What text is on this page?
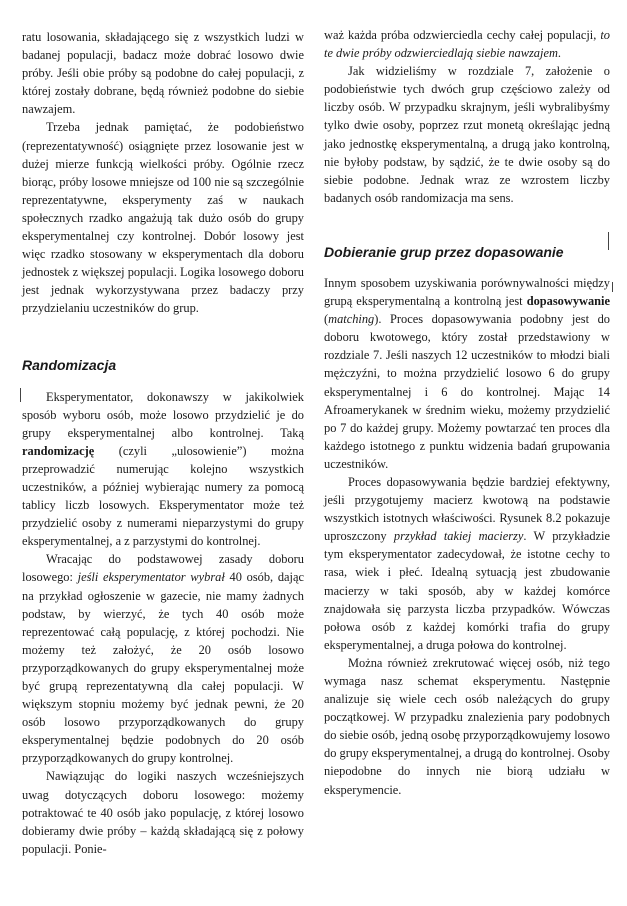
ratu losowania, składającego się z wszystkich ludzi w badanej populacji, badacz może dobrać losowo dwie próby. Jeśli obie próby są podobne do całej populacji, z której zostały dobrane, będą również podobne do siebie nawzajem.

Trzeba jednak pamiętać, że podobieństwo (reprezentatywność) osiągnięte przez losowanie jest w dużej mierze funkcją wielkości próby. Ogólnie rzecz biorąc, próby losowe mniejsze od 100 nie są szczególnie reprezentatywne, eksperymenty zaś w naukach społecznych rzadko angażują tak dużo osób do grupy eksperymentalnej czy kontrolnej. Dobór losowy jest więc rzadko stosowany w eksperymentach dla doboru jednostek z większej populacji. Logika losowego doboru jest jednak wykorzystywana przez badaczy przy przydzielaniu uczestników do grup.

Randomizacja

Eksperymentator, dokonawszy w jakikolwiek sposób wyboru osób, może losowo przydzielić je do grupy eksperymentalnej albo kontrolnej. Taką randomizację (czyli „ulosowienie”) można przeprowadzić numerując kolejno wszystkich uczestników, a później wybierając numery za pomocą tablicy liczb losowych. Eksperymentator może też przydzielić osoby z numerami nieparzystymi do grupy eksperymentalnej, a z parzystymi do kontrolnej.

Wracając do podstawowej zasady doboru losowego: jeśli eksperymentator wybrał 40 osób, dając na przykład ogłoszenie w gazecie, nie mamy żadnych podstaw, by wierzyć, że tych 40 osób może reprezentować całą populację, z której pochodzi. Nie możemy też założyć, że 20 osób losowo przyporządkowanych do grupy eksperymentalnej może być grupą reprezentatywną dla całej populacji. W większym stopniu możemy być jednak pewni, że 20 osób losowo przyporządkowanych do grupy eksperymentalnej będzie podobnych do 20 osób przyporządkowanych do grupy kontrolnej.

Nawiązując do logiki naszych wcześniejszych uwag dotyczących doboru losowego: możemy potraktować te 40 osób jako populację, z której losowo dobieramy dwie próby – każdą składającą się z połowy populacji. Ponie-

waż każda próba odzwierciedla cechy całej populacji, to te dwie próby odzwierciedlają siebie nawzajem.

Jak widzieliśmy w rozdziale 7, założenie o podobieństwie tych dwóch grup częściowo zależy od liczby osób. W przypadku skrajnym, jeśli wybralibyśmy tylko dwie osoby, poprzez rzut monetą określając jedną jako jednostkę eksperymentalną, a drugą jako kontrolną, nie byłoby podstaw, by sądzić, że te dwie osoby są do siebie podobne. Jednak wraz ze wzrostem liczby badanych osób randomizacja ma sens.

Dobieranie grup przez dopasowanie

Innym sposobem uzyskiwania porównywalności między grupą eksperymentalną a kontrolną jest dopasowywanie (matching). Proces dopasowywania podobny jest do doboru kwotowego, który został przedstawiony w rozdziale 7. Jeśli naszych 12 uczestników to młodzi biali mężczyźni, to można przydzielić losowo 6 do grupy eksperymentalnej i 6 do kontrolnej. Mając 14 Afroamerykanek w średnim wieku, możemy przydzielić po 7 do każdej grupy. Możemy powtarzać ten proces dla każdego istotnego z punktu widzenia badań grupowania uczestników.

Proces dopasowywania będzie bardziej efektywny, jeśli przygotujemy macierz kwotową na podstawie wszystkich istotnych właściwości. Rysunek 8.2 pokazuje uproszczony przykład takiej macierzy. W przykładzie tym eksperymentator zadecydował, że istotne cechy to rasa, wiek i płeć. Idealną sytuacją jest zbudowanie macierzy w taki sposób, aby w każdej komórce znajdowała się parzysta liczba przypadków. Wówczas połowa osób z każdej komórki trafia do grupy eksperymentalnej, a druga połowa do kontrolnej.

Można również zrekrutować więcej osób, niż tego wymaga nasz schemat eksperymentu. Następnie analizuje się wiele cech osób należących do grupy początkowej. W przypadku znalezienia pary podobnych do siebie osób, jedną osobę przyporządkowujemy losowo do grupy eksperymentalnej, a drugą do kontrolnej. Osoby niepodobne do innych nie biorą udziału w eksperymencie.
